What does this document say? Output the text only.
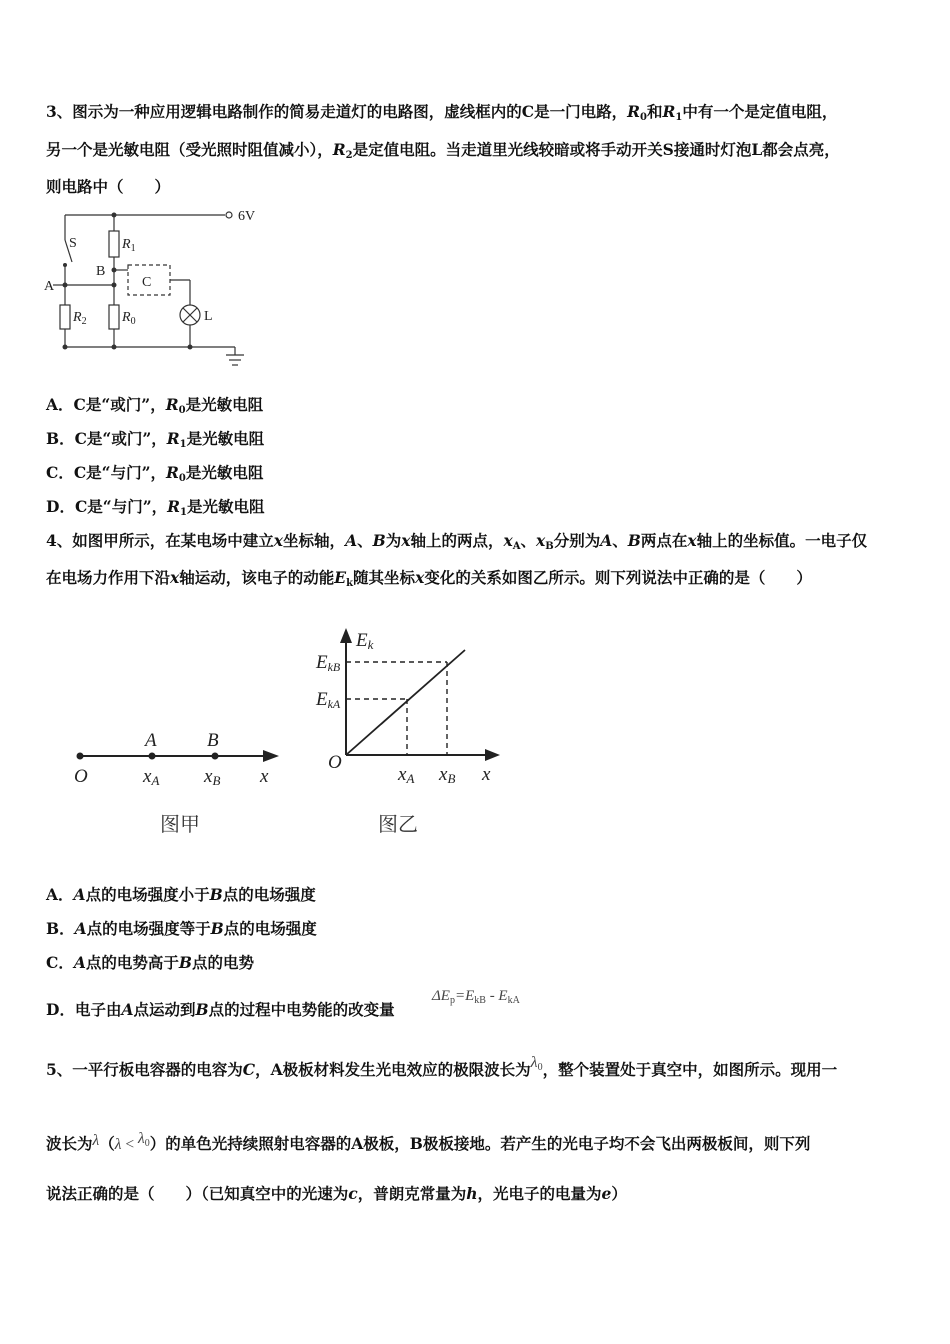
3、图示为一种应用逻辑电路制作的简易走道灯的电路图，虚线框内的C是一门电路，$R_0$和$R_1$中有一个是定值电阻，
另一个是光敏电阻（受光照时阻值减小），$R_2$是定值电阻。当走道里光线较暗或将手动开关S接通时灯泡L都会点亮，
则电路中（　　）
6V
S
A
B
C
L
$R_1$
$R_2$	$R_0$
A．C是“或门”，$R_0$是光敏电阻
B．C是“或门”，$R_1$是光敏电阻
C．C是“与门”，$R_0$是光敏电阻
D．C是“与门”，$R_1$是光敏电阻
4、如图甲所示，在某电场中建立x坐标轴，A、B为x轴上的两点，$x_A$、$x_B$分别为A、B两点在x轴上的坐标值。一电子仅
在电场力作用下沿x轴运动，该电子的动能$E_k$随其坐标x变化的关系如图乙所示。则下列说法中正确的是（　　）
A	B
O	xA xB x
图甲
Ek
EkB
EkA
O
xA xB x
图乙
A．A点的电场强度小于B点的电场强度
B．A点的电场强度等于B点的电场强度
C．A点的电势高于B点的电势
D．电子由A点运动到B点的过程中电势能的改变量
$\Delta E_p=E_{kB} - E_{kA}$
5、一平行板电容器的电容为C，A极板材料发生光电效应的极限波长为$\lambda_0$，整个装置处于真空中，如图所示。现用一
波长为$\lambda(\lambda < \lambda_0)$的单色光持续照射电容器的A极板，B极板接地。若产生的光电子均不会飞出两极板间，则下列
说法正确的是（　　）（已知真空中的光速为c，普朗克常量为h，光电子的电量为e）
